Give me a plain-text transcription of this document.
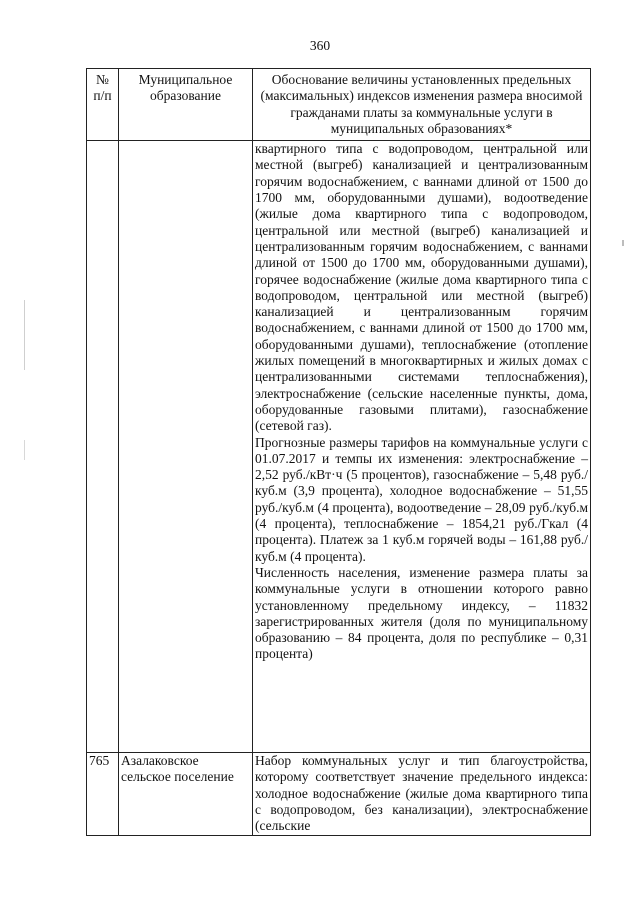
360
№ п/п	Муниципальное образование	Обоснование величины установленных предельных (максимальных) индексов изменения размера вносимой гражданами платы за коммунальные услуги в муниципальных образованиях*

		квартирного типа с водопроводом, центральной или местной (выгреб) канализацией и централизованным горячим водоснабжением, с ваннами длиной от 1500 до 1700 мм, оборудованными душами), водоотведение (жилые дома квартирного типа с водопроводом, центральной или местной (выгреб) канализацией и централизованным горячим водоснабжением, с ваннами длиной от 1500 до 1700 мм, оборудованными душами), горячее водоснабжение (жилые дома квартирного типа с водопроводом, центральной или местной (выгреб) канализацией и централизованным горячим водоснабжением, с ваннами длиной от 1500 до 1700 мм, оборудованными душами), теплоснабжение (отопление жилых помещений в многоквартирных и жилых домах с централизованными системами теплоснабжения), электроснабжение (сельские населенные пункты, дома, оборудованные газовыми плитами), газоснабжение (сетевой газ).

Прогнозные размеры тарифов на коммунальные услуги с 01.07.2017 и темпы их изменения: электроснабжение – 2,52 руб./кВт·ч (5 процентов), газоснабжение – 5,48 руб./куб.м (3,9 процента), холодное водоснабжение – 51,55 руб./куб.м (4 процента), водоотведение – 28,09 руб./куб.м (4 процента), теплоснабжение – 1854,21 руб./Гкал (4 процента). Платеж за 1 куб.м горячей воды – 161,88 руб./куб.м (4 процента).

Численность населения, изменение размера платы за коммунальные услуги в отношении которого равно установленному предельному индексу, – 11832 зарегистрированных жителя (доля по муниципальному образованию – 84 процента, доля по республике – 0,31 процента)

765	Азалаковское сельское поселение	Набор коммунальных услуг и тип благоустройства, которому соответствует значение предельного индекса: холодное водоснабжение (жилые дома квартирного типа с водопроводом, без канализации), электроснабжение (сельские
